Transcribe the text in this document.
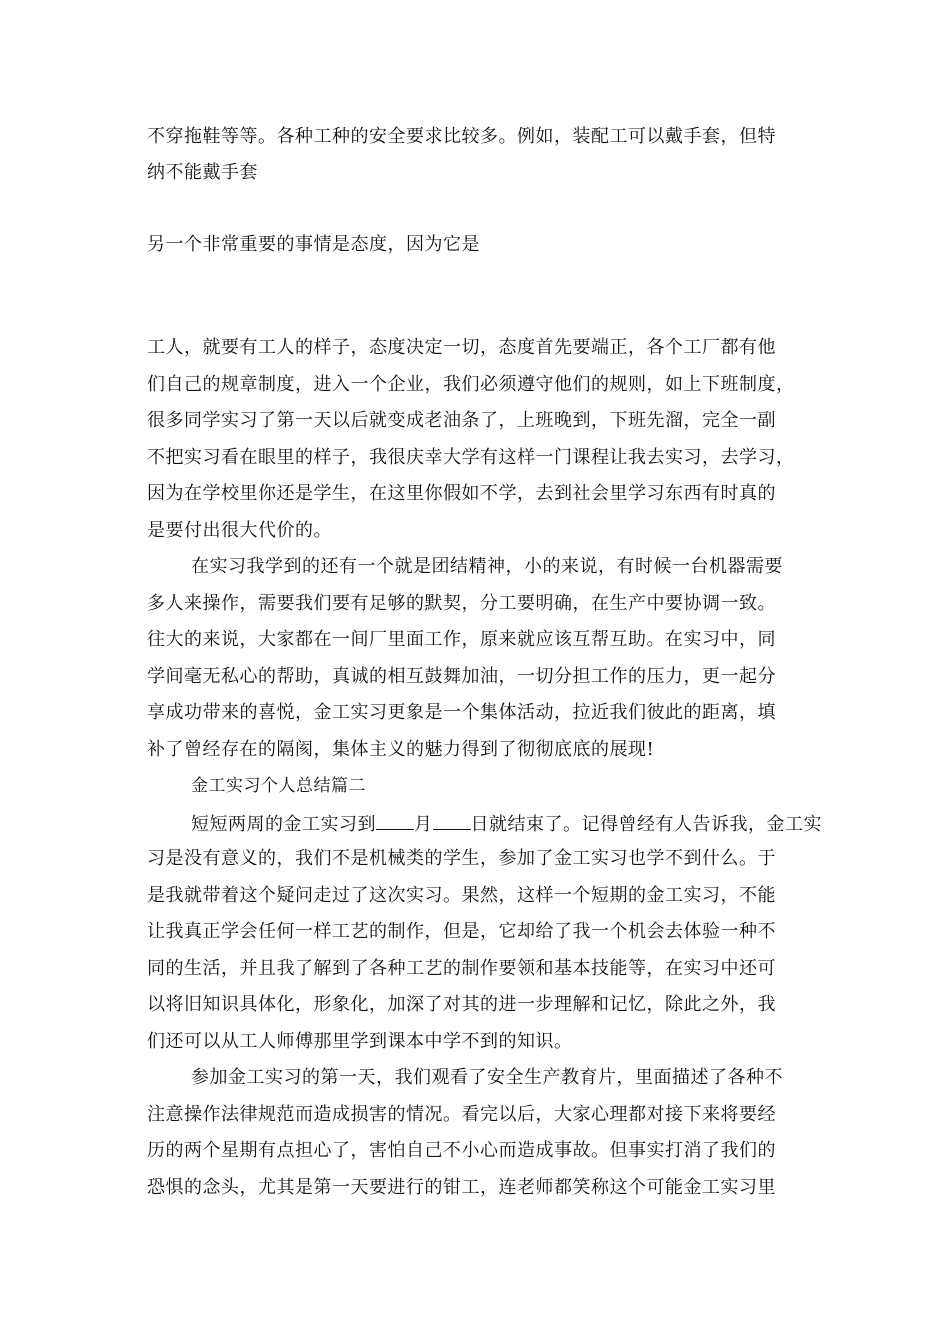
不穿拖鞋等等。各种工种的安全要求比较多。例如，装配工可以戴手套，但特
纳不能戴手套
另一个非常重要的事情是态度，因为它是
工人，就要有工人的样子，态度决定一切，态度首先要端正，各个工厂都有他
们自己的规章制度，进入一个企业，我们必须遵守他们的规则，如上下班制度，
很多同学实习了第一天以后就变成老油条了，上班晚到，下班先溜，完全一副
不把实习看在眼里的样子，我很庆幸大学有这样一门课程让我去实习，去学习，
因为在学校里你还是学生，在这里你假如不学，去到社会里学习东西有时真的
是要付出很大代价的。
在实习我学到的还有一个就是团结精神，小的来说，有时候一台机器需要
多人来操作，需要我们要有足够的默契，分工要明确，在生产中要协调一致。
往大的来说，大家都在一间厂里面工作，原来就应该互帮互助。在实习中，同
学间毫无私心的帮助，真诚的相互鼓舞加油，一切分担工作的压力，更一起分
享成功带来的喜悦，金工实习更象是一个集体活动，拉近我们彼此的距离，填
补了曾经存在的隔阂，集体主义的魅力得到了彻彻底底的展现!
金工实习个人总结篇二
短短两周的金工实习到 月 日就结束了。记得曾经有人告诉我，金工实
习是没有意义的，我们不是机械类的学生，参加了金工实习也学不到什么。于
是我就带着这个疑问走过了这次实习。果然，这样一个短期的金工实习，不能
让我真正学会任何一样工艺的制作，但是，它却给了我一个机会去体验一种不
同的生活，并且我了解到了各种工艺的制作要领和基本技能等，在实习中还可
以将旧知识具体化，形象化，加深了对其的进一步理解和记忆，除此之外，我
们还可以从工人师傅那里学到课本中学不到的知识。
参加金工实习的第一天，我们观看了安全生产教育片，里面描述了各种不
注意操作法律规范而造成损害的情况。看完以后，大家心理都对接下来将要经
历的两个星期有点担心了，害怕自己不小心而造成事故。但事实打消了我们的
恐惧的念头，尤其是第一天要进行的钳工，连老师都笑称这个可能金工实习里
